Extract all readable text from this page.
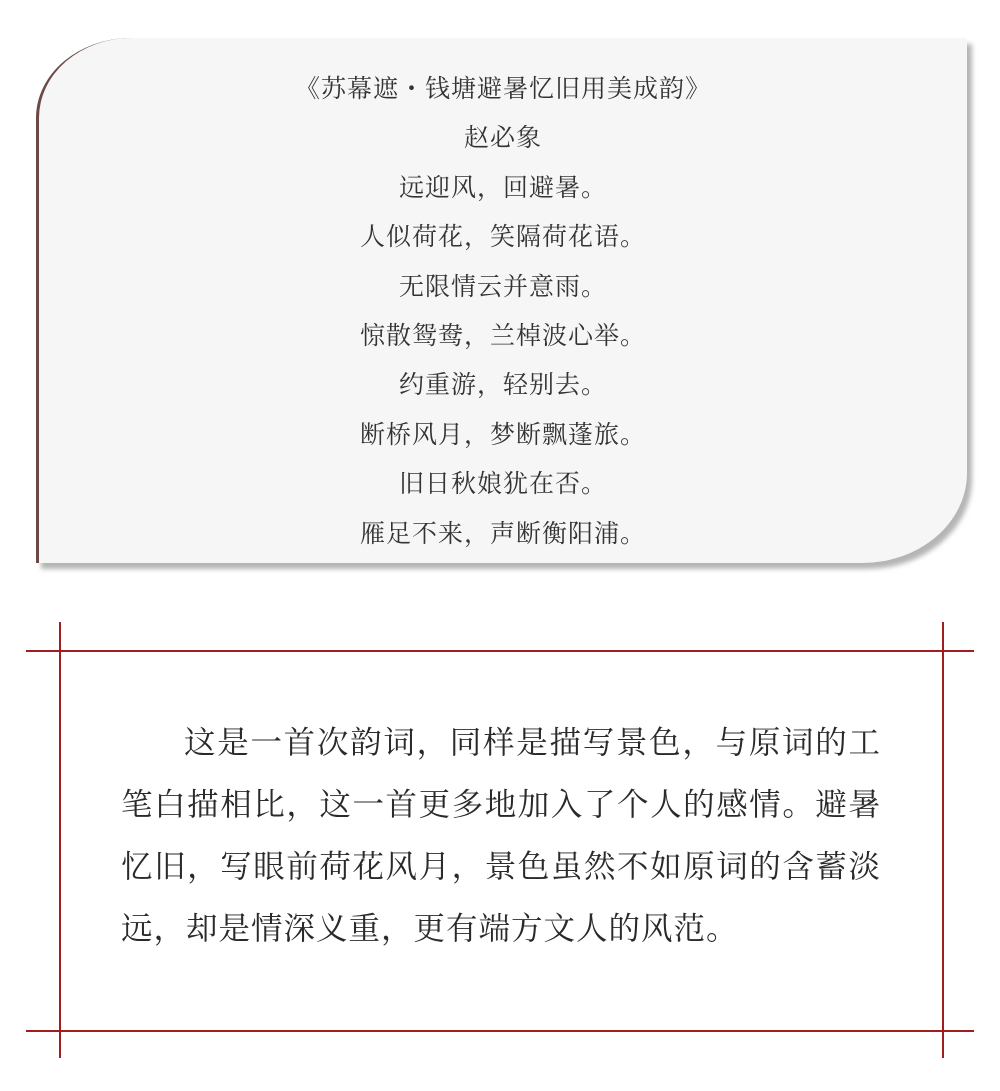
《苏幕遮・钱塘避暑忆旧用美成韵》
赵必象
远迎风，回避暑。
人似荷花，笑隔荷花语。
无限情云并意雨。
惊散鸳鸯，兰棹波心举。
约重游，轻别去。
断桥风月，梦断飘蓬旅。
旧日秋娘犹在否。
雁足不来，声断衡阳浦。
这是一首次韵词，同样是描写景色，与原词的工笔白描相比，这一首更多地加入了个人的感情。避暑忆旧，写眼前荷花风月，景色虽然不如原词的含蓄淡远，却是情深义重，更有端方文人的风范。
